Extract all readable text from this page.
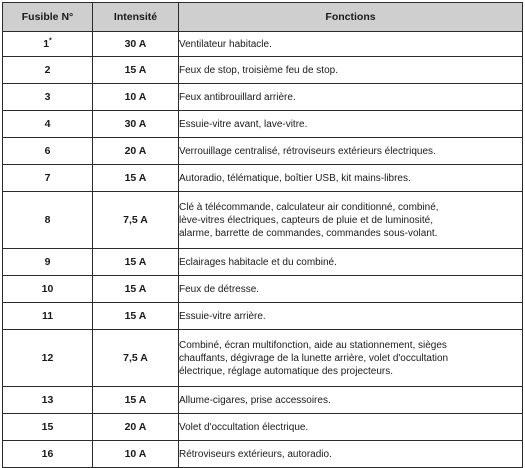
Fusible N°	Intensité	Fonctions
1*	30 A	Ventilateur habitacle.

2	15 A	Feux de stop, troisième feu de stop.

3	10 A	Feux antibrouillard arrière.

4	30 A	Essuie-vitre avant, lave-vitre.

6	20 A	Verrouillage centralisé, rétroviseurs extérieurs électriques.

7	15 A	Autoradio, télématique, boîtier USB, kit mains-libres.

8	7,5 A	Clé à télécommande, calculateur air conditionné, combiné,
lève-vitres électriques, capteurs de pluie et de luminosité,
alarme, barrette de commandes, commandes sous-volant.

9	15 A	Eclairages habitacle et du combiné.

10	15 A	Feux de détresse.

11	15 A	Essuie-vitre arrière.

12	7,5 A	Combiné, écran multifonction, aide au stationnement, sièges
chauffants, dégivrage de la lunette arrière, volet d'occultation
électrique, réglage automatique des projecteurs.

13	15 A	Allume-cigares, prise accessoires.

15	20 A	Volet d'occultation électrique.

16	10 A	Rétroviseurs extérieurs, autoradio.
